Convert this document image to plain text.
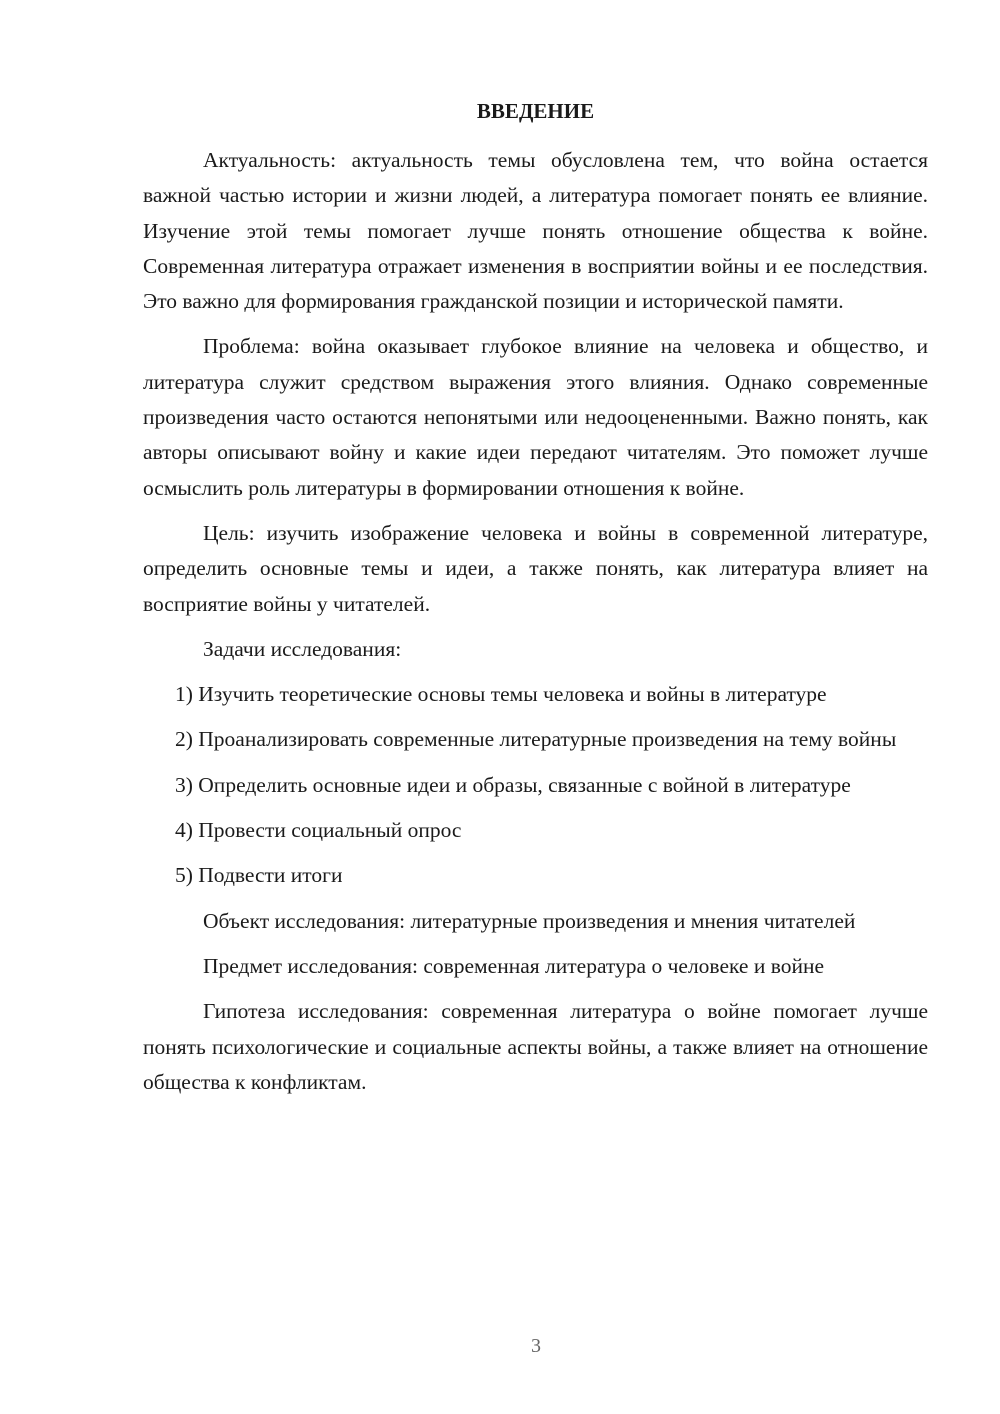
ВВЕДЕНИЕ

Актуальность: актуальность темы обусловлена тем, что война остается важной частью истории и жизни людей, а литература помогает понять ее влияние. Изучение этой темы помогает лучше понять отношение общества к войне. Современная литература отражает изменения в восприятии войны и ее последствия. Это важно для формирования гражданской позиции и исторической памяти.

Проблема: война оказывает глубокое влияние на человека и общество, и литература служит средством выражения этого влияния. Однако современные произведения часто остаются непонятыми или недооцененными. Важно понять, как авторы описывают войну и какие идеи передают читателям. Это поможет лучше осмыслить роль литературы в формировании отношения к войне.

Цель: изучить изображение человека и войны в современной литературе, определить основные темы и идеи, а также понять, как литература влияет на восприятие войны у читателей.

Задачи исследования:

1) Изучить теоретические основы темы человека и войны в литературе

2) Проанализировать современные литературные произведения на тему войны

3) Определить основные идеи и образы, связанные с войной в литературе

4) Провести социальный опрос

5) Подвести итоги

Объект исследования: литературные произведения и мнения читателей

Предмет исследования: современная литература о человеке и войне

Гипотеза исследования: современная литература о войне помогает лучше понять психологические и социальные аспекты войны, а также влияет на отношение общества к конфликтам.

3
